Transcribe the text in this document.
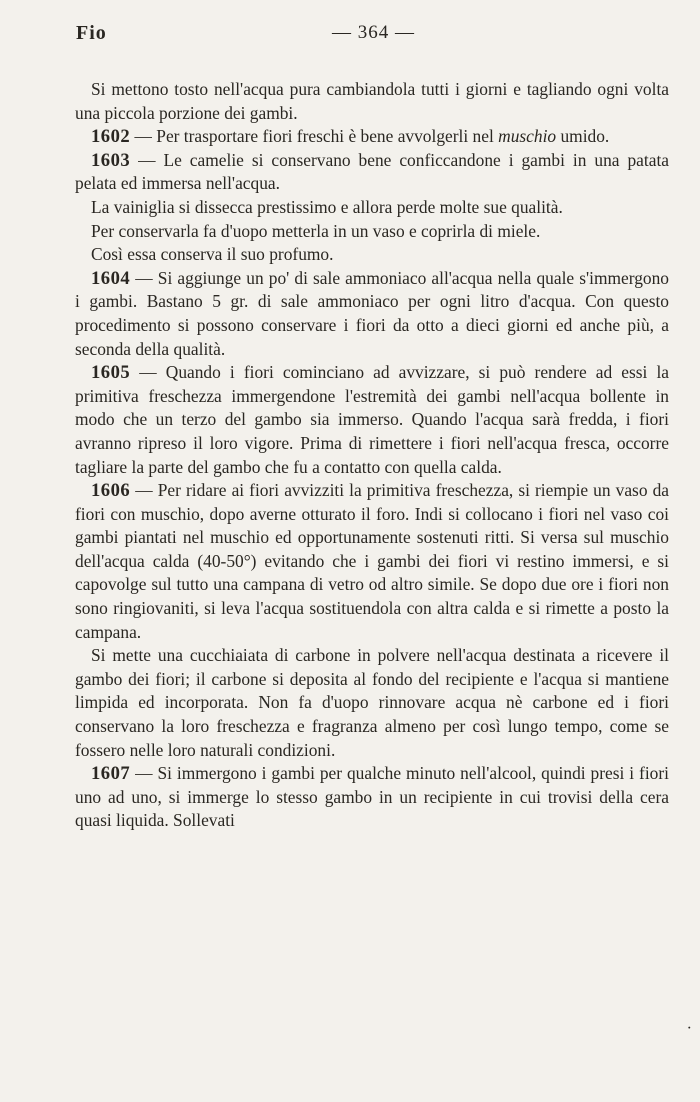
Fio	— 364 —

Si mettono tosto nell'acqua pura cambiandola tutti i giorni e tagliando ogni volta una piccola porzione dei gambi.

1602 — Per trasportare fiori freschi è bene avvolgerli nel muschio umido.

1603 — Le camelie si conservano bene conficcandone i gambi in una patata pelata ed immersa nell'acqua.

La vainiglia si dissecca prestissimo e allora perde molte sue qualità.

Per conservarla fa d'uopo metterla in un vaso e coprirla di miele.

Così essa conserva il suo profumo.

1604 — Si aggiunge un po' di sale ammoniaco all'acqua nella quale s'immergono i gambi. Bastano 5 gr. di sale ammoniaco per ogni litro d'acqua. Con questo procedimento si possono conservare i fiori da otto a dieci giorni ed anche più, a seconda della qualità.

1605 — Quando i fiori cominciano ad avvizzare, si può rendere ad essi la primitiva freschezza immergendone l'estremità dei gambi nell'acqua bollente in modo che un terzo del gambo sia immerso. Quando l'acqua sarà fredda, i fiori avranno ripreso il loro vigore. Prima di rimettere i fiori nell'acqua fresca, occorre tagliare la parte del gambo che fu a contatto con quella calda.

1606 — Per ridare ai fiori avvizziti la primitiva freschezza, si riempie un vaso da fiori con muschio, dopo averne otturato il foro. Indi si collocano i fiori nel vaso coi gambi piantati nel muschio ed opportunamente sostenuti ritti. Si versa sul muschio dell'acqua calda (40-50°) evitando che i gambi dei fiori vi restino immersi, e si capovolge sul tutto una campana di vetro od altro simile. Se dopo due ore i fiori non sono ringiovaniti, si leva l'acqua sostituendola con altra calda e si rimette a posto la campana.

Si mette una cucchiaiata di carbone in polvere nell'acqua destinata a ricevere il gambo dei fiori; il carbone si deposita al fondo del recipiente e l'acqua si mantiene limpida ed incorporata. Non fa d'uopo rinnovare acqua nè carbone ed i fiori conservano la loro freschezza e fragranza almeno per così lungo tempo, come se fossero nelle loro naturali condizioni.

1607 — Si immergono i gambi per qualche minuto nell'alcool, quindi presi i fiori uno ad uno, si immerge lo stesso gambo in un recipiente in cui trovisi della cera quasi liquida. Sollevati

·
